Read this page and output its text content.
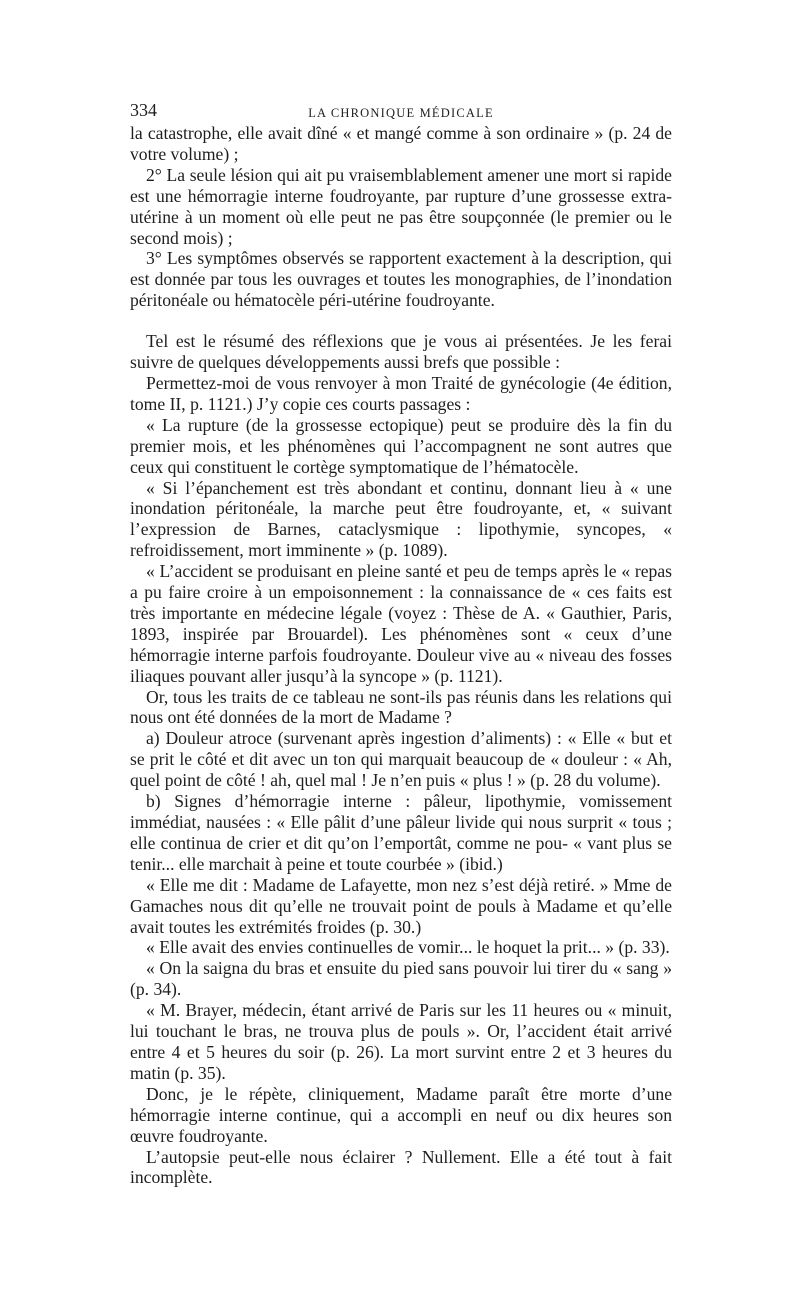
334	LA CHRONIQUE MÉDICALE

la catastrophe, elle avait dîné « et mangé comme à son ordinaire » (p. 24 de votre volume) ;

2° La seule lésion qui ait pu vraisemblablement amener une mort si rapide est une hémorragie interne foudroyante, par rupture d’une grossesse extra-utérine à un moment où elle peut ne pas être soupçonnée (le premier ou le second mois) ;

3° Les symptômes observés se rapportent exactement à la description, qui est donnée par tous les ouvrages et toutes les monographies, de l’inondation péritonéale ou hématocèle péri-utérine foudroyante.

Tel est le résumé des réflexions que je vous ai présentées. Je les ferai suivre de quelques développements aussi brefs que possible :

Permettez-moi de vous renvoyer à mon Traité de gynécologie (4e édition, tome II, p. 1121.) J’y copie ces courts passages :

« La rupture (de la grossesse ectopique) peut se produire dès la fin du premier mois, et les phénomènes qui l’accompagnent ne sont autres que ceux qui constituent le cortège symptomatique de l’hématocèle.

« Si l’épanchement est très abondant et continu, donnant lieu à « une inondation péritonéale, la marche peut être foudroyante, et, « suivant l’expression de Barnes, cataclysmique : lipothymie, syncopes, « refroidissement, mort imminente » (p. 1089).

« L’accident se produisant en pleine santé et peu de temps après le « repas a pu faire croire à un empoisonnement : la connaissance de « ces faits est très importante en médecine légale (voyez : Thèse de A. « Gauthier, Paris, 1893, inspirée par Brouardel). Les phénomènes sont « ceux d’une hémorragie interne parfois foudroyante. Douleur vive au « niveau des fosses iliaques pouvant aller jusqu’à la syncope » (p. 1121).

Or, tous les traits de ce tableau ne sont-ils pas réunis dans les relations qui nous ont été données de la mort de Madame ?

a) Douleur atroce (survenant après ingestion d’aliments) : « Elle « but et se prit le côté et dit avec un ton qui marquait beaucoup de « douleur : « Ah, quel point de côté ! ah, quel mal ! Je n’en puis « plus ! » (p. 28 du volume).

b) Signes d’hémorragie interne : pâleur, lipothymie, vomissement immédiat, nausées : « Elle pâlit d’une pâleur livide qui nous surprit « tous ; elle continua de crier et dit qu’on l’emportât, comme ne pou- « vant plus se tenir... elle marchait à peine et toute courbée » (ibid.)

« Elle me dit : Madame de Lafayette, mon nez s’est déjà retiré. » Mme de Gamaches nous dit qu’elle ne trouvait point de pouls à Madame et qu’elle avait toutes les extrémités froides (p. 30.)

« Elle avait des envies continuelles de vomir... le hoquet la prit... » (p. 33).

« On la saigna du bras et ensuite du pied sans pouvoir lui tirer du « sang » (p. 34).

« M. Brayer, médecin, étant arrivé de Paris sur les 11 heures ou « minuit, lui touchant le bras, ne trouva plus de pouls ». Or, l’accident était arrivé entre 4 et 5 heures du soir (p. 26). La mort survint entre 2 et 3 heures du matin (p. 35).

Donc, je le répète, cliniquement, Madame paraît être morte d’une hémorragie interne continue, qui a accompli en neuf ou dix heures son œuvre foudroyante.

L’autopsie peut-elle nous éclairer ? Nullement. Elle a été tout à fait incomplète.
